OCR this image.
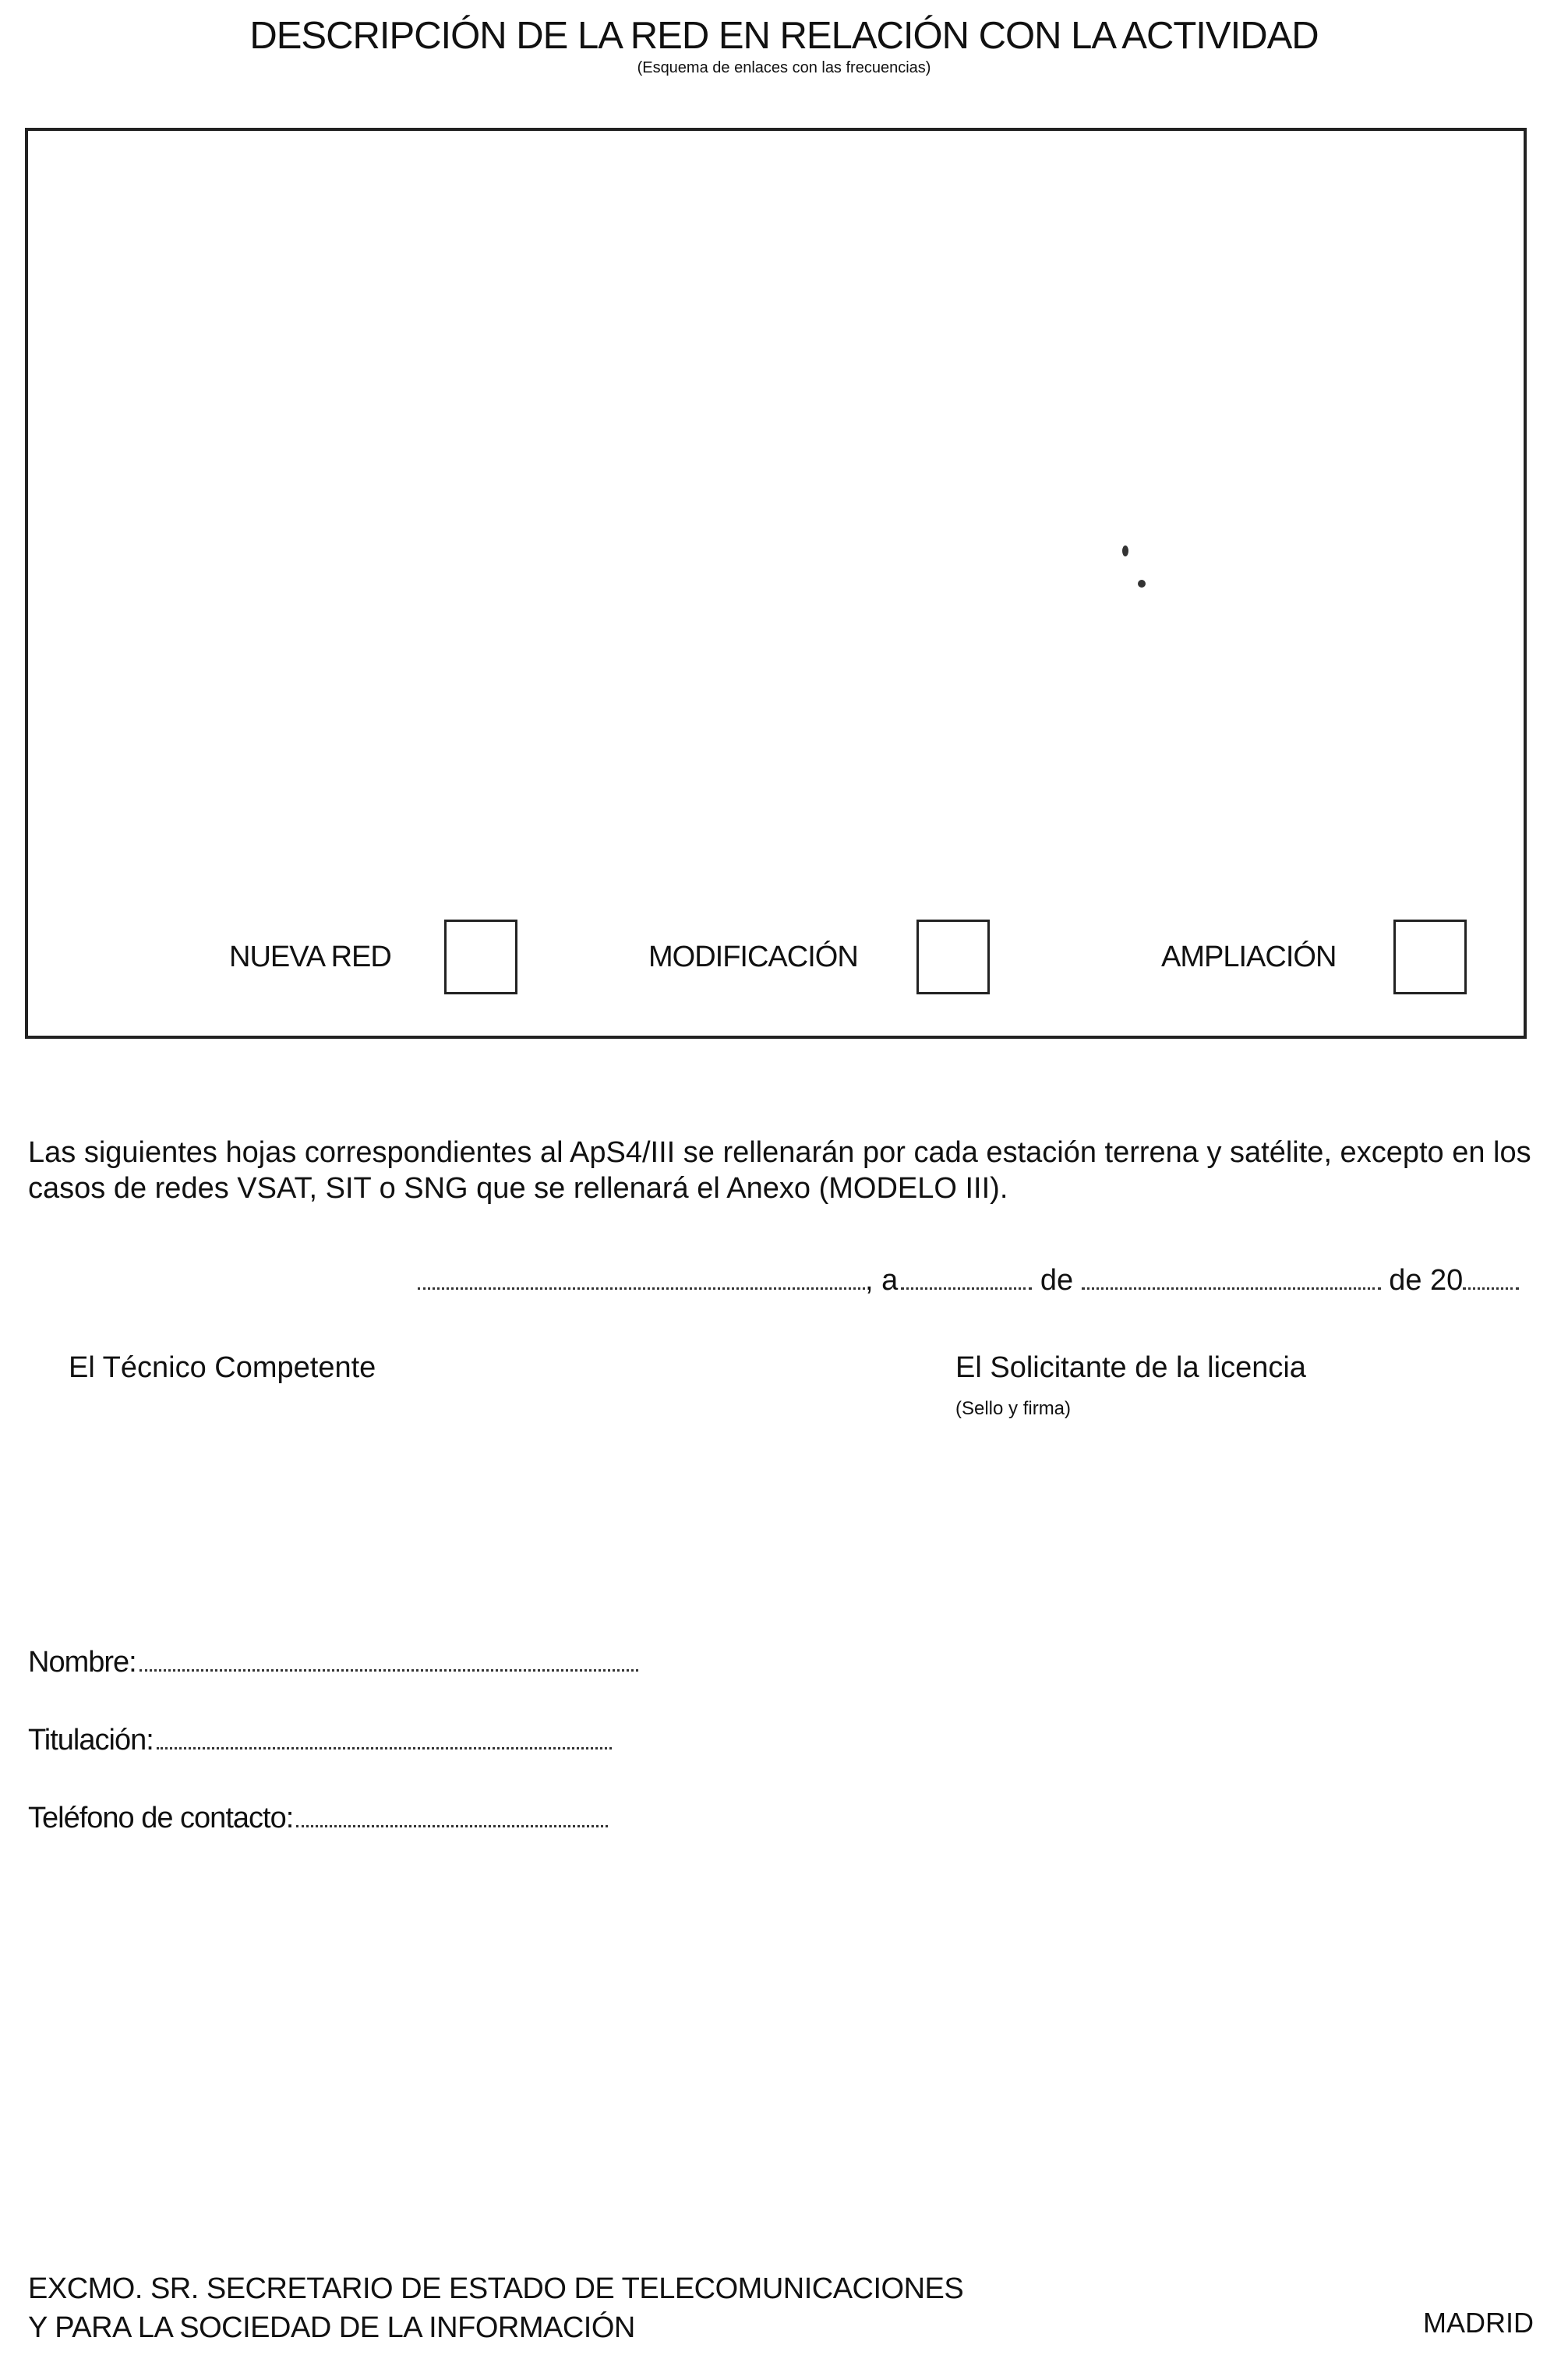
DESCRIPCIÓN DE LA RED EN RELACIÓN CON LA ACTIVIDAD
(Esquema de enlaces con las frecuencias)
NUEVA RED	MODIFICACIÓN	AMPLIACIÓN
Las siguientes hojas correspondientes al ApS4/III se rellenarán por cada estación terrena y satélite, excepto en los casos de redes VSAT, SIT o SNG que se rellenará el Anexo (MODELO III).
, a	de	de 20
El Técnico Competente	El Solicitante de la licencia
(Sello y firma)
Nombre:
Titulación:
Teléfono de contacto:
EXCMO. SR. SECRETARIO DE ESTADO DE TELECOMUNICACIONES
Y PARA LA SOCIEDAD DE LA INFORMACIÓN	MADRID
